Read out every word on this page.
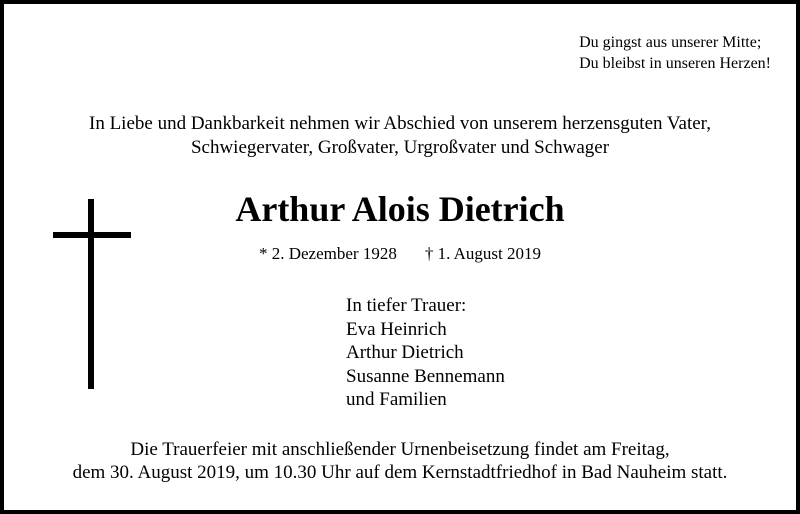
Du gingst aus unserer Mitte;
Du bleibst in unseren Herzen!
In Liebe und Dankbarkeit nehmen wir Abschied von unserem herzensguten Vater,
Schwiegervater, Großvater, Urgroßvater und Schwager
Arthur Alois Dietrich
* 2. Dezember 1928 † 1. August 2019
In tiefer Trauer:
Eva Heinrich
Arthur Dietrich
Susanne Bennemann
und Familien
Die Trauerfeier mit anschließender Urnenbeisetzung findet am Freitag,
dem 30. August 2019, um 10.30 Uhr auf dem Kernstadtfriedhof in Bad Nauheim statt.
